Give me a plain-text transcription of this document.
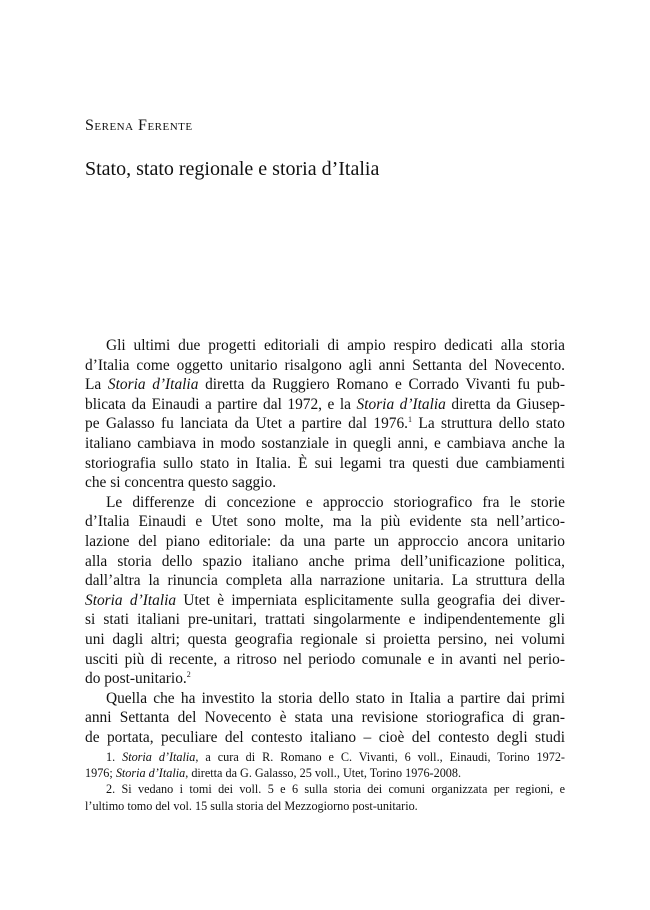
Serena Ferente
Stato, stato regionale e storia d’Italia
Gli ultimi due progetti editoriali di ampio respiro dedicati alla storia
d’Italia come oggetto unitario risalgono agli anni Settanta del Novecento.
La Storia d’Italia diretta da Ruggiero Romano e Corrado Vivanti fu pub-
blicata da Einaudi a partire dal 1972, e la Storia d’Italia diretta da Giusep-
pe Galasso fu lanciata da Utet a partire dal 1976.$^1$ La struttura dello stato
italiano cambiava in modo sostanziale in quegli anni, e cambiava anche la
storiografia sullo stato in Italia. È sui legami tra questi due cambiamenti
che si concentra questo saggio.
Le differenze di concezione e approccio storiografico fra le storie
d’Italia Einaudi e Utet sono molte, ma la più evidente sta nell’artico-
lazione del piano editoriale: da una parte un approccio ancora unitario
alla storia dello spazio italiano anche prima dell’unificazione politica,
dall’altra la rinuncia completa alla narrazione unitaria. La struttura della
Storia d’Italia Utet è imperniata esplicitamente sulla geografia dei diver-
si stati italiani pre-unitari, trattati singolarmente e indipendentemente gli
uni dagli altri; questa geografia regionale si proietta persino, nei volumi
usciti più di recente, a ritroso nel periodo comunale e in avanti nel perio-
do post-unitario.$^2$
Quella che ha investito la storia dello stato in Italia a partire dai primi
anni Settanta del Novecento è stata una revisione storiografica di gran-
de portata, peculiare del contesto italiano – cioè del contesto degli studi
1. Storia d’Italia, a cura di R. Romano e C. Vivanti, 6 voll., Einaudi, Torino 1972-
1976; Storia d’Italia, diretta da G. Galasso, 25 voll., Utet, Torino 1976-2008.
2. Si vedano i tomi dei voll. 5 e 6 sulla storia dei comuni organizzata per regioni, e
l’ultimo tomo del vol. 15 sulla storia del Mezzogiorno post-unitario.
